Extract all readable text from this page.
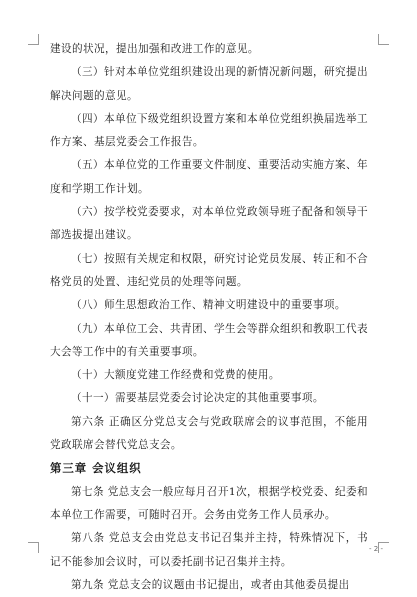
建设的状况，提出加强和改进工作的意见。

（三）针对本单位党组织建设出现的新情况新问题，研究提出解决问题的意见。

（四）本单位下级党组织设置方案和本单位党组织换届选举工作方案、基层党委会工作报告。

（五）本单位党的工作重要文件制度、重要活动实施方案、年度和学期工作计划。

（六）按学校党委要求，对本单位党政领导班子配备和领导干部选拔提出建议。

（七）按照有关规定和权限，研究讨论党员发展、转正和不合格党员的处置、违纪党员的处理等问题。

（八）师生思想政治工作、精神文明建设中的重要事项。

（九）本单位工会、共青团、学生会等群众组织和教职工代表大会等工作中的有关重要事项。

（十）大额度党建工作经费和党费的使用。

（十一）需要基层党委会讨论决定的其他重要事项。

第六条 正确区分党总支会与党政联席会的议事范围，不能用党政联席会替代党总支会。

第三章 会议组织

第七条 党总支会一般应每月召开1次，根据学校党委、纪委和本单位工作需要，可随时召开。会务由党务工作人员承办。

第八条 党总支会由党总支书记召集并主持，特殊情况下，书记不能参加会议时，可以委托副书记召集并主持。

第九条 党总支会的议题由书记提出，或者由其他委员提出

- 2 -
